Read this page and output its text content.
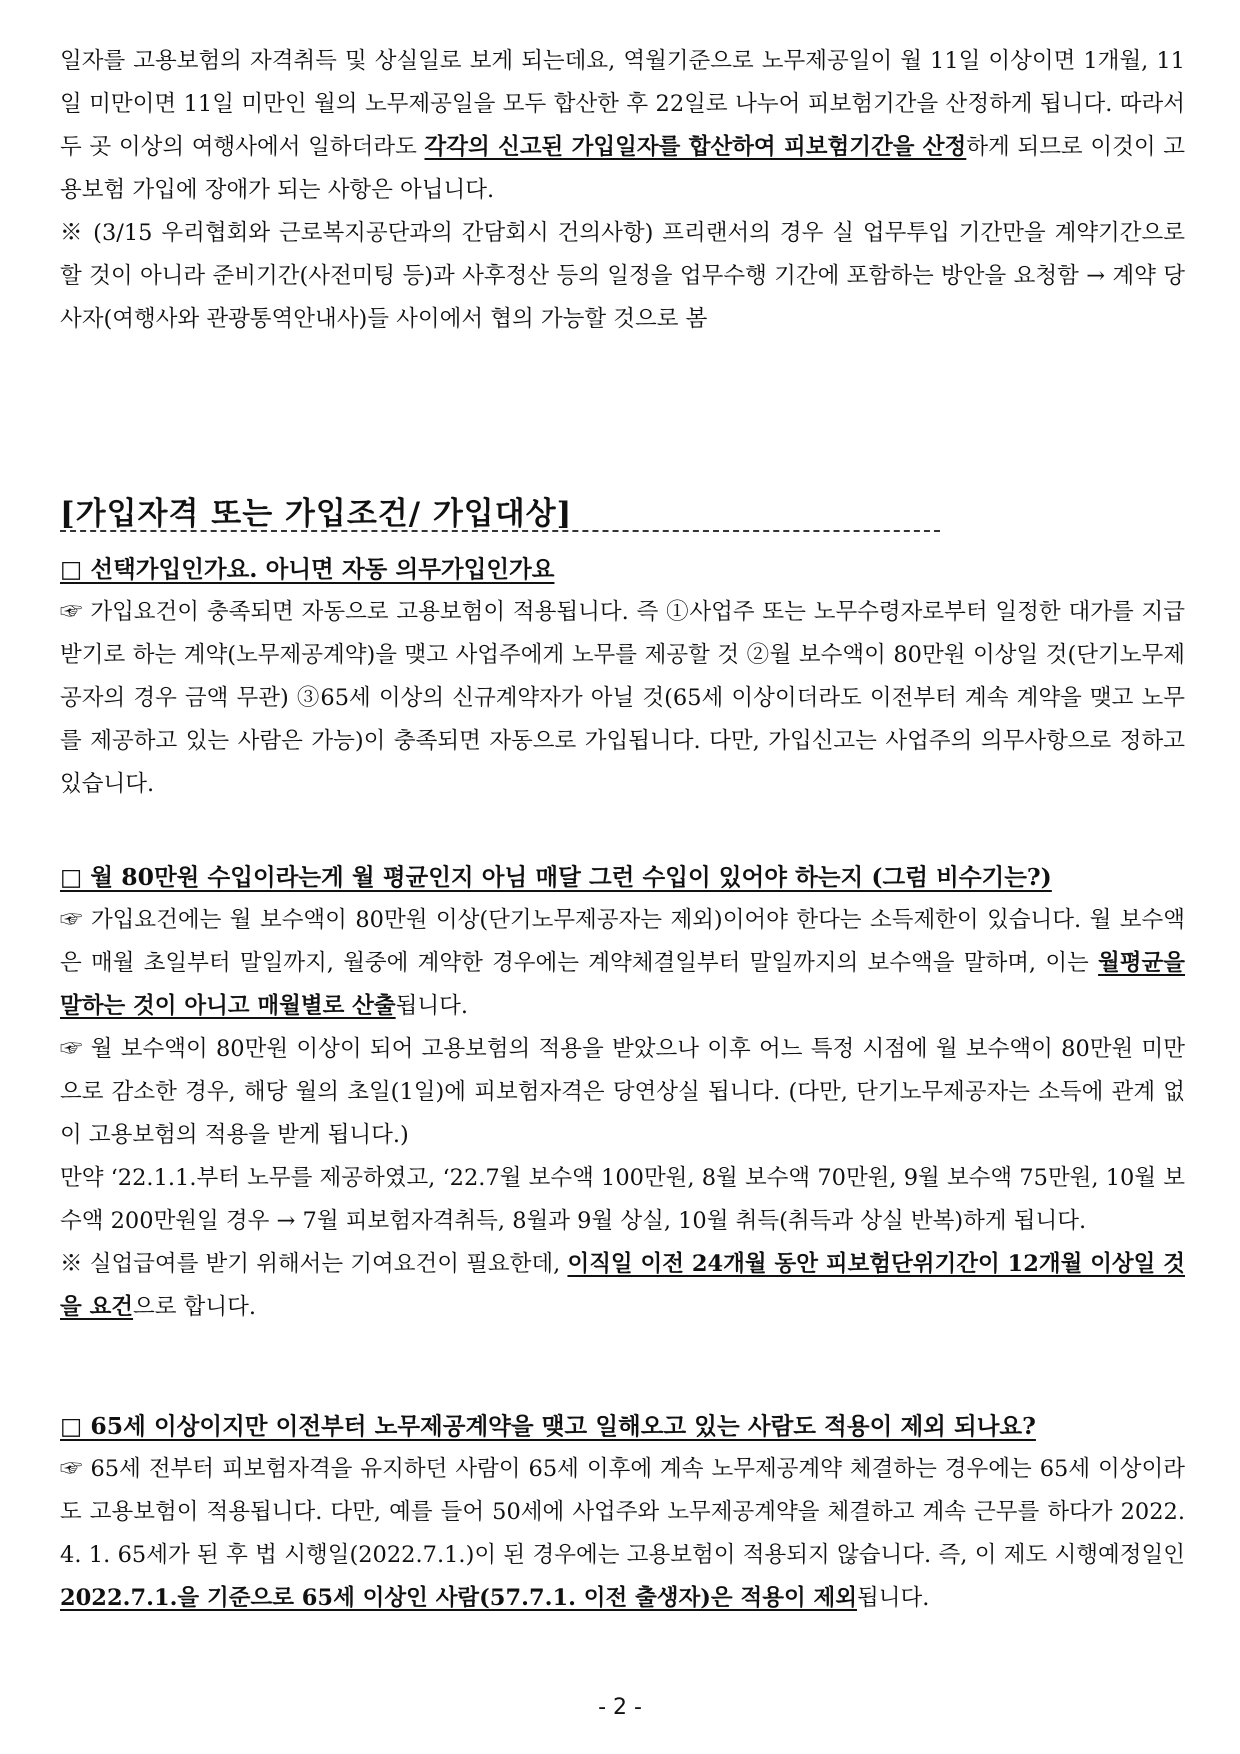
일자를 고용보험의 자격취득 및 상실일로 보게 되는데요, 역월기준으로 노무제공일이 월 11일 이상이면 1개월, 11일 미만이면 11일 미만인 월의 노무제공일을 모두 합산한 후 22일로 나누어 피보험기간을 산정하게 됩니다. 따라서 두 곳 이상의 여행사에서 일하더라도 각각의 신고된 가입일자를 합산하여 피보험기간을 산정하게 되므로 이것이 고용보험 가입에 장애가 되는 사항은 아닙니다.

※ (3/15 우리협회와 근로복지공단과의 간담회시 건의사항) 프리랜서의 경우 실 업무투입 기간만을 계약기간으로 할 것이 아니라 준비기간(사전미팅 등)과 사후정산 등의 일정을 업무수행 기간에 포함하는 방안을 요청함 → 계약 당사자(여행사와 관광통역안내사)들 사이에서 협의 가능할 것으로 봄

[가입자격 또는 가입조건/ 가입대상]
□ 선택가입인가요. 아니면 자동 의무가입인가요

☞ 가입요건이 충족되면 자동으로 고용보험이 적용됩니다. 즉 ①사업주 또는 노무수령자로부터 일정한 대가를 지급받기로 하는 계약(노무제공계약)을 맺고 사업주에게 노무를 제공할 것 ②월 보수액이 80만원 이상일 것(단기노무제공자의 경우 금액 무관) ③65세 이상의 신규계약자가 아닐 것(65세 이상이더라도 이전부터 계속 계약을 맺고 노무를 제공하고 있는 사람은 가능)이 충족되면 자동으로 가입됩니다. 다만, 가입신고는 사업주의 의무사항으로 정하고 있습니다.

□ 월 80만원 수입이라는게 월 평균인지 아님 매달 그런 수입이 있어야 하는지 (그럼 비수기는?)

☞ 가입요건에는 월 보수액이 80만원 이상(단기노무제공자는 제외)이어야 한다는 소득제한이 있습니다. 월 보수액은 매월 초일부터 말일까지, 월중에 계약한 경우에는 계약체결일부터 말일까지의 보수액을 말하며, 이는 월평균을 말하는 것이 아니고 매월별로 산출됩니다.

☞ 월 보수액이 80만원 이상이 되어 고용보험의 적용을 받았으나 이후 어느 특정 시점에 월 보수액이 80만원 미만으로 감소한 경우, 해당 월의 초일(1일)에 피보험자격은 당연상실 됩니다. (다만, 단기노무제공자는 소득에 관계 없이 고용보험의 적용을 받게 됩니다.)

만약 ‘22.1.1.부터 노무를 제공하였고, ‘22.7월 보수액 100만원, 8월 보수액 70만원, 9월 보수액 75만원, 10월 보수액 200만원일 경우 → 7월 피보험자격취득, 8월과 9월 상실, 10월 취득(취득과 상실 반복)하게 됩니다.

※ 실업급여를 받기 위해서는 기여요건이 필요한데, 이직일 이전 24개월 동안 피보험단위기간이 12개월 이상일 것을 요건으로 합니다.

□ 65세 이상이지만 이전부터 노무제공계약을 맺고 일해오고 있는 사람도 적용이 제외 되나요?

☞ 65세 전부터 피보험자격을 유지하던 사람이 65세 이후에 계속 노무제공계약 체결하는 경우에는 65세 이상이라도 고용보험이 적용됩니다. 다만, 예를 들어 50세에 사업주와 노무제공계약을 체결하고 계속 근무를 하다가 2022. 4. 1. 65세가 된 후 법 시행일(2022.7.1.)이 된 경우에는 고용보험이 적용되지 않습니다. 즉, 이 제도 시행예정일인 2022.7.1.을 기준으로 65세 이상인 사람(57.7.1. 이전 출생자)은 적용이 제외됩니다.

- 2 -
